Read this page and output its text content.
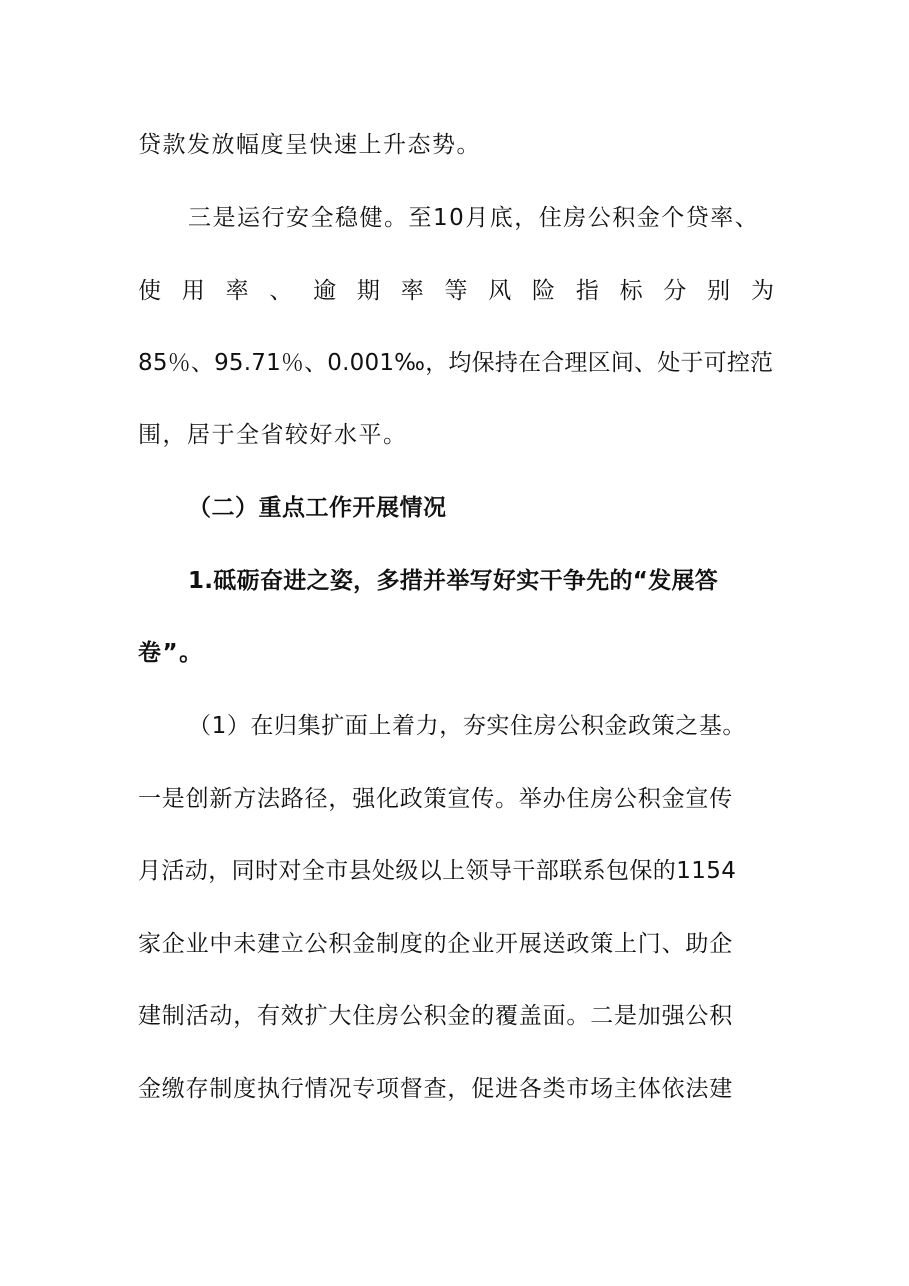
贷款发放幅度呈快速上升态势。
三是运行安全稳健。至10月底，住房公积金个贷率、
使 用 率 、 逾 期 率 等 风 险 指 标 分 别 为
85％、95.71％、0.001‰，均保持在合理区间、处于可控范
围，居于全省较好水平。
（二）重点工作开展情况
1.砥砺奋进之姿，多措并举写好实干争先的“发展答
卷”。
（1）在归集扩面上着力，夯实住房公积金政策之基。
一是创新方法路径，强化政策宣传。举办住房公积金宣传
月活动，同时对全市县处级以上领导干部联系包保的1154
家企业中未建立公积金制度的企业开展送政策上门、助企
建制活动，有效扩大住房公积金的覆盖面。二是加强公积
金缴存制度执行情况专项督查，促进各类市场主体依法建
